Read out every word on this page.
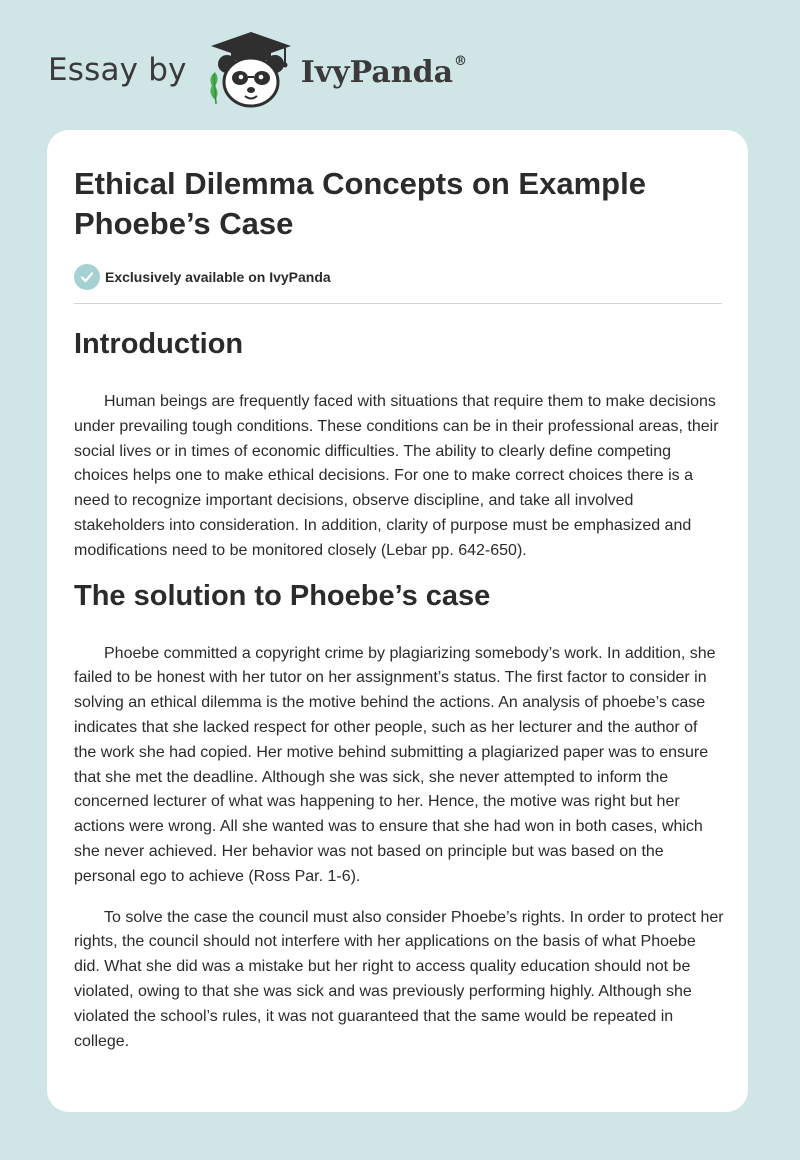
Essay by	IvyPanda®
Ethical Dilemma Concepts on Example Phoebe’s Case
Exclusively available on IvyPanda
Introduction

Human beings are frequently faced with situations that require them to make decisions under prevailing tough conditions. These conditions can be in their professional areas, their social lives or in times of economic difficulties. The ability to clearly define competing choices helps one to make ethical decisions. For one to make correct choices there is a need to recognize important decisions, observe discipline, and take all involved stakeholders into consideration. In addition, clarity of purpose must be emphasized and modifications need to be monitored closely (Lebar pp. 642-650).

The solution to Phoebe’s case

Phoebe committed a copyright crime by plagiarizing somebody’s work. In addition, she failed to be honest with her tutor on her assignment’s status. The first factor to consider in solving an ethical dilemma is the motive behind the actions. An analysis of phoebe’s case indicates that she lacked respect for other people, such as her lecturer and the author of the work she had copied. Her motive behind submitting a plagiarized paper was to ensure that she met the deadline. Although she was sick, she never attempted to inform the concerned lecturer of what was happening to her. Hence, the motive was right but her actions were wrong. All she wanted was to ensure that she had won in both cases, which she never achieved. Her behavior was not based on principle but was based on the personal ego to achieve (Ross Par. 1-6).

To solve the case the council must also consider Phoebe’s rights. In order to protect her rights, the council should not interfere with her applications on the basis of what Phoebe did. What she did was a mistake but her right to access quality education should not be violated, owing to that she was sick and was previously performing highly. Although she violated the school’s rules, it was not guaranteed that the same would be repeated in college.
